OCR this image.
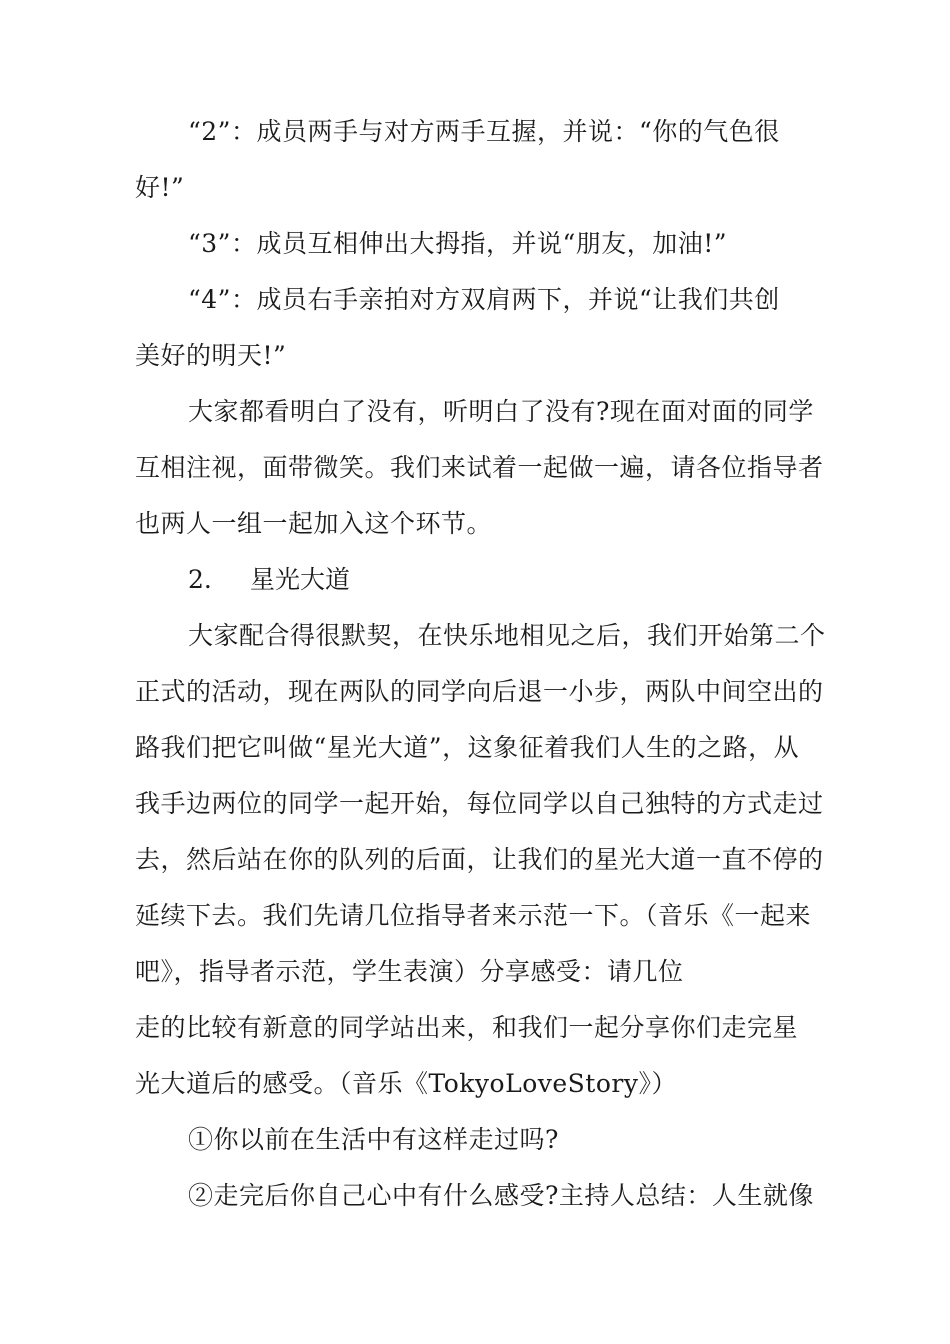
“2”：成员两手与对方两手互握，并说：“你的气色很
好!”
“3”：成员互相伸出大拇指，并说“朋友，加油!”
“4”：成员右手亲拍对方双肩两下，并说“让我们共创
美好的明天!”
大家都看明白了没有，听明白了没有?现在面对面的同学
互相注视，面带微笑。我们来试着一起做一遍，请各位指导者
也两人一组一起加入这个环节。
2. 星光大道
大家配合得很默契，在快乐地相见之后，我们开始第二个
正式的活动，现在两队的同学向后退一小步，两队中间空出的
路我们把它叫做“星光大道”，这象征着我们人生的之路，从
我手边两位的同学一起开始，每位同学以自己独特的方式走过
去，然后站在你的队列的后面，让我们的星光大道一直不停的
延续下去。我们先请几位指导者来示范一下。（音乐《一起来
吧》，指导者示范，学生表演）分享感受：请几位
走的比较有新意的同学站出来，和我们一起分享你们走完星
光大道后的感受。（音乐《TokyoLoveStory》）
①你以前在生活中有这样走过吗?
②走完后你自己心中有什么感受?主持人总结：人生就像
